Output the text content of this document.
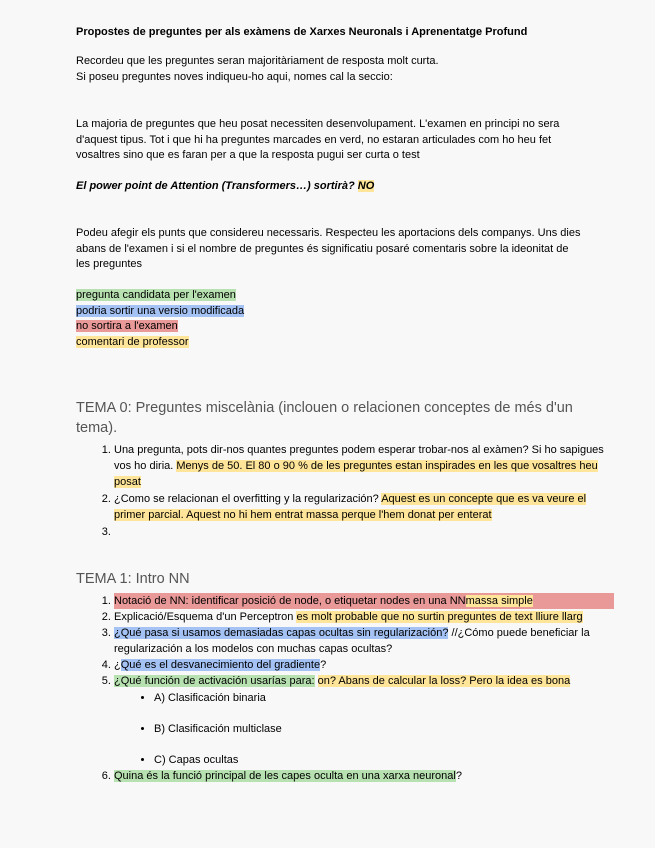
Propostes de preguntes per als exàmens de Xarxes Neuronals i Aprenentatge Profund
Recordeu que les preguntes seran majoritàriament de resposta molt curta.
Si poseu preguntes noves indiqueu-ho aqui, nomes cal la seccio:
La majoria de preguntes que heu posat necessiten desenvolupament. L'examen en principi no sera d'aquest tipus. Tot i que hi ha preguntes marcades en verd, no estaran articulades com ho heu fet vosaltres sino que es faran per a que la resposta pugui ser curta o test
El power point de Attention (Transformers…) sortirà? NO
Podeu afegir els punts que considereu necessaris. Respecteu les aportacions dels companys. Uns dies abans de l'examen i si el nombre de preguntes és significatiu posaré comentaris sobre la ideonitat de les preguntes
pregunta candidata per l'examen
podria sortir una versio modificada
no sortira a l'examen
comentari de professor
TEMA 0: Preguntes miscelània (inclouen o relacionen conceptes de més d'un tema).
1. Una pregunta, pots dir-nos quantes preguntes podem esperar trobar-nos al exàmen? Si ho sapigues vos ho diria. Menys de 50. El 80 o 90 % de les preguntes estan inspirades en les que vosaltres heu posat
2. ¿Como se relacionan el overfitting y la regularización? Aquest es un concepte que es va veure el primer parcial. Aquest no hi hem entrat massa perque l'hem donat per enterat
3.
TEMA 1: Intro NN
1. Notació de NN: identificar posició de node, o etiquetar nodes en una NNmassa simple
2. Explicació/Esquema d'un Perceptron es molt probable que no surtin preguntes de text lliure llarg
3. ¿Qué pasa si usamos demasiadas capas ocultas sin regularización? //¿Cómo puede beneficiar la regularización a los modelos con muchas capas ocultas?
4. ¿Qué es el desvanecimiento del gradiente?
5. ¿Qué función de activación usarías para: on? Abans de calcular la loss? Pero la idea es bona
• A) Clasificación binaria
• B) Clasificación multiclase
• C) Capas ocultas
6. Quina és la funció principal de les capes oculta en una xarxa neuronal?
